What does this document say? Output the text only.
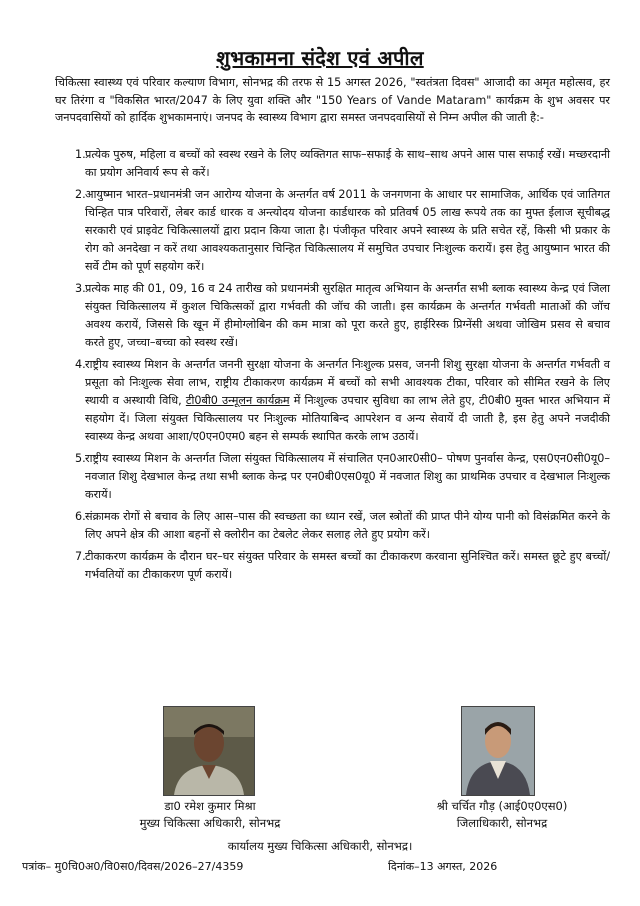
शुभकामना संदेश एवं अपील
चिकित्सा स्वास्थ्य एवं परिवार कल्याण विभाग, सोनभद्र की तरफ से 15 अगस्त 2026, "स्वतंत्रता दिवस" आजादी का अमृत महोत्सव, हर घर तिरंगा व "विकसित भारत/2047 के लिए युवा शक्ति और "150 Years of Vande Mataram" कार्यक्रम के शुभ अवसर पर जनपदवासियों को हार्दिक शुभकामनाएं। जनपद के स्वास्थ्य विभाग द्वारा समस्त जनपदवासियों से निम्न अपील की जाती है:-
1. प्रत्येक पुरुष, महिला व बच्चों को स्वस्थ रखने के लिए व्यक्तिगत साफ–सफाई के साथ–साथ अपने आस पास सफाई रखें। मच्छरदानी का प्रयोग अनिवार्य रूप से करें।
2. आयुष्मान भारत–प्रधानमंत्री जन आरोग्य योजना के अन्तर्गत वर्ष 2011 के जनगणना के आधार पर सामाजिक, आर्थिक एवं जातिगत चिन्हित पात्र परिवारों, लेबर कार्ड धारक व अन्त्योदय योजना कार्डधारक को प्रतिवर्ष 05 लाख रूपये तक का मुफ्त ईलाज सूचीबद्ध सरकारी एवं प्राइवेट चिकित्सालयों द्वारा प्रदान किया जाता है। पंजीकृत परिवार अपने स्वास्थ्य के प्रति सचेत रहें, किसी भी प्रकार के रोग को अनदेखा न करें तथा आवश्यकतानुसार चिन्हित चिकित्सालय में समुचित उपचार निःशुल्क करायें। इस हेतु आयुष्मान भारत की सर्वे टीम को पूर्ण सहयोग करें।
3. प्रत्येक माह की 01, 09, 16 व 24 तारीख को प्रधानमंत्री सुरक्षित मातृत्व अभियान के अन्तर्गत सभी ब्लाक स्वास्थ्य केन्द्र एवं जिला संयुक्त चिकित्सालय में कुशल चिकित्सकों द्वारा गर्भवती की जॉच की जाती। इस कार्यक्रम के अन्तर्गत गर्भवती माताओं की जॉच अवश्य करायें, जिससे कि खून में हीमोग्लोबिन की कम मात्रा को पूरा करते हुए, हाईरिस्क प्रिग्नेंसी अथवा जोखिम प्रसव से बचाव करते हुए, जच्चा–बच्चा को स्वस्थ रखें।
4. राष्ट्रीय स्वास्थ्य मिशन के अन्तर्गत जननी सुरक्षा योजना के अन्तर्गत निःशुल्क प्रसव, जननी शिशु सुरक्षा योजना के अन्तर्गत गर्भवती व प्रसूता को निःशुल्क सेवा लाभ, राष्ट्रीय टीकाकरण कार्यक्रम में बच्चों को सभी आवश्यक टीका, परिवार को सीमित रखने के लिए स्थायी व अस्थायी विधि, टी0बी0 उन्मूलन कार्यक्रम में निःशुल्क उपचार सुविधा का लाभ लेते हुए, टी0बी0 मुक्त भारत अभियान में सहयोग दें। जिला संयुक्त चिकित्सालय पर निःशुल्क मोतियाबिन्द आपरेशन व अन्य सेवायें दी जाती है, इस हेतु अपने नजदीकी स्वास्थ्य केन्द्र अथवा आशा/ए0एन0एम0 बहन से सम्पर्क स्थापित करके लाभ उठायें।
5. राष्ट्रीय स्वास्थ्य मिशन के अन्तर्गत जिला संयुक्त चिकित्सालय में संचालित एन0आर0सी0– पोषण पुनर्वास केन्द्र, एस0एन0सी0यू0–नवजात शिशु देखभाल केन्द्र तथा सभी ब्लाक केन्द्र पर एन0बी0एस0यू0 में नवजात शिशु का प्राथमिक उपचार व देखभाल निःशुल्क करायें।
6. संक्रामक रोगों से बचाव के लिए आस–पास की स्वच्छता का ध्यान रखें, जल स्त्रोतों की प्राप्त पीने योग्य पानी को विसंक्रमित करने के लिए अपने क्षेत्र की आशा बहनों से क्लोरीन का टेबलेट लेकर सलाह लेते हुए प्रयोग करें।
7. टीकाकरण कार्यक्रम के दौरान घर–घर संयुक्त परिवार के समस्त बच्चों का टीकाकरण करवाना सुनिश्चित करें। समस्त छूटे हुए बच्चों/गर्भवतियों का टीकाकरण पूर्ण करायें।
डा0 रमेश कुमार मिश्रा
मुख्य चिकित्सा अधिकारी, सोनभद्र
श्री चर्चित गौड़ (आई0ए0एस0)
जिलाधिकारी, सोनभद्र
कार्यालय मुख्य चिकित्सा अधिकारी, सोनभद्र।
पत्रांक– मु0चि0अ0/वि0स0/दिवस/2026–27/4359	दिनांक–13 अगस्त, 2026
